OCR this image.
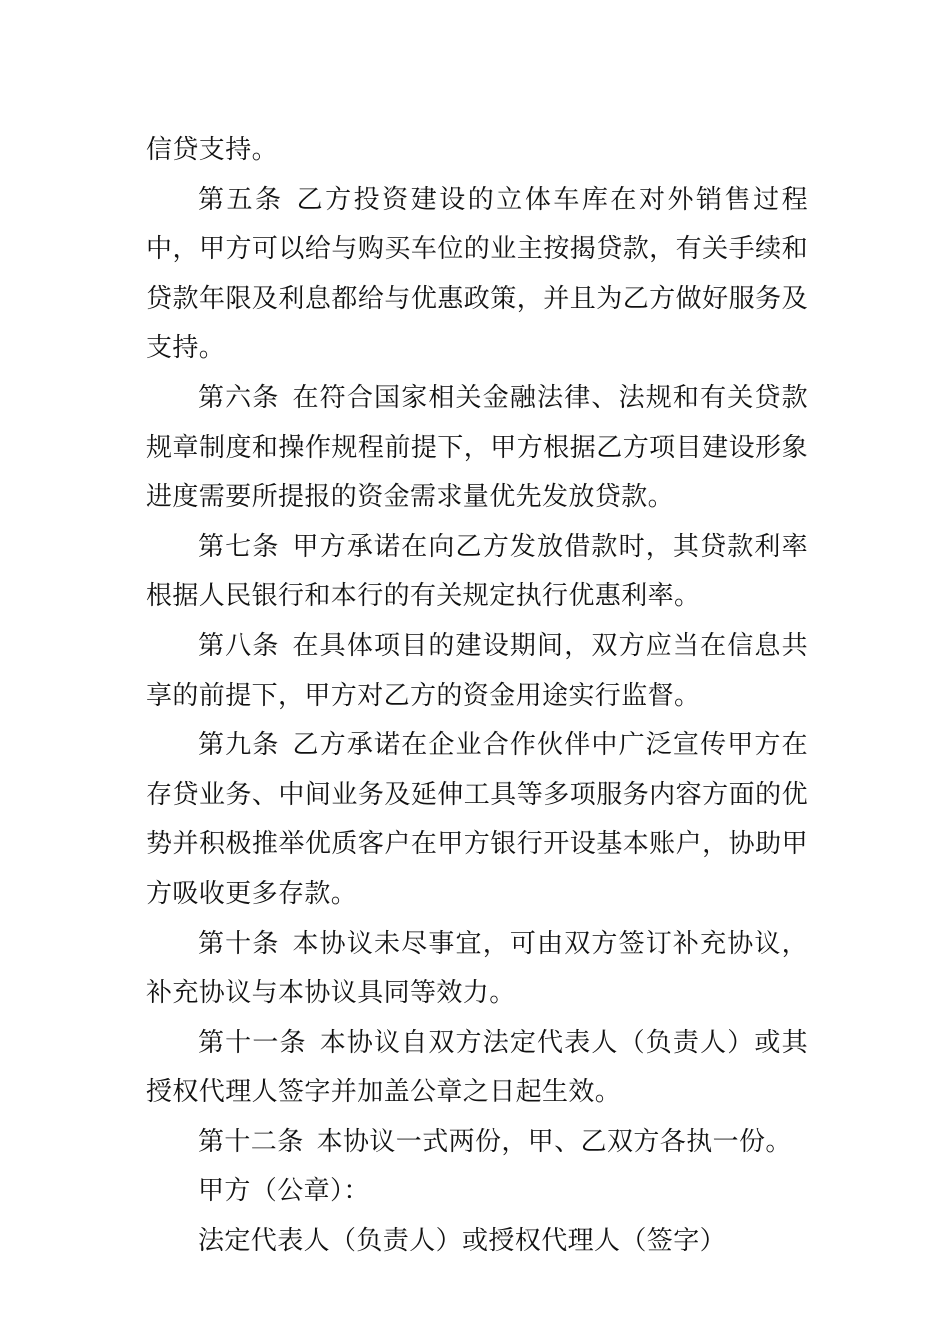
信贷支持。

第五条 乙方投资建设的立体车库在对外销售过程中，甲方可以给与购买车位的业主按揭贷款，有关手续和贷款年限及利息都给与优惠政策，并且为乙方做好服务及支持。

第六条 在符合国家相关金融法律、法规和有关贷款规章制度和操作规程前提下，甲方根据乙方项目建设形象进度需要所提报的资金需求量优先发放贷款。

第七条 甲方承诺在向乙方发放借款时，其贷款利率根据人民银行和本行的有关规定执行优惠利率。

第八条 在具体项目的建设期间，双方应当在信息共享的前提下，甲方对乙方的资金用途实行监督。

第九条 乙方承诺在企业合作伙伴中广泛宣传甲方在存贷业务、中间业务及延伸工具等多项服务内容方面的优势并积极推举优质客户在甲方银行开设基本账户，协助甲方吸收更多存款。

第十条 本协议未尽事宜，可由双方签订补充协议，补充协议与本协议具同等效力。

第十一条 本协议自双方法定代表人（负责人）或其授权代理人签字并加盖公章之日起生效。

第十二条 本协议一式两份，甲、乙双方各执一份。

甲方（公章）：

法定代表人（负责人）或授权代理人（签字）
